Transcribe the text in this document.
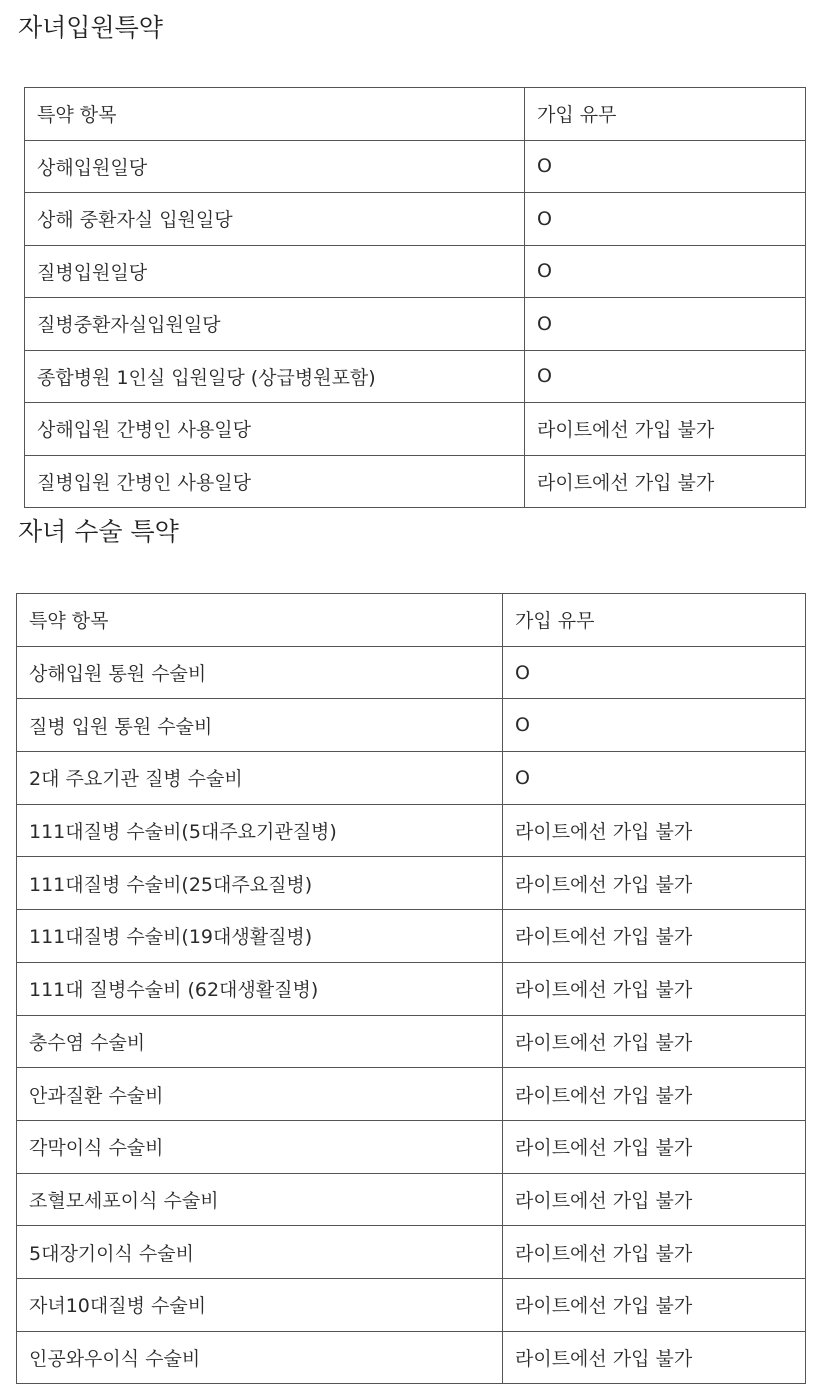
자녀입원특약
특약 항목	가입 유무
상해입원일당	O
상해 중환자실 입원일당	O
질병입원일당	O
질병중환자실입원일당	O
종합병원 1인실 입원일당 (상급병원포함)	O
상해입원 간병인 사용일당	라이트에선 가입 불가
질병입원 간병인 사용일당	라이트에선 가입 불가
자녀 수술 특약
특약 항목	가입 유무
상해입원 통원 수술비	O
질병 입원 통원 수술비	O
2대 주요기관 질병 수술비	O
111대질병 수술비(5대주요기관질병)	라이트에선 가입 불가
111대질병 수술비(25대주요질병)	라이트에선 가입 불가
111대질병 수술비(19대생활질병)	라이트에선 가입 불가
111대 질병수술비 (62대생활질병)	라이트에선 가입 불가
충수염 수술비	라이트에선 가입 불가
안과질환 수술비	라이트에선 가입 불가
각막이식 수술비	라이트에선 가입 불가
조혈모세포이식 수술비	라이트에선 가입 불가
5대장기이식 수술비	라이트에선 가입 불가
자녀10대질병 수술비	라이트에선 가입 불가
인공와우이식 수술비	라이트에선 가입 불가
